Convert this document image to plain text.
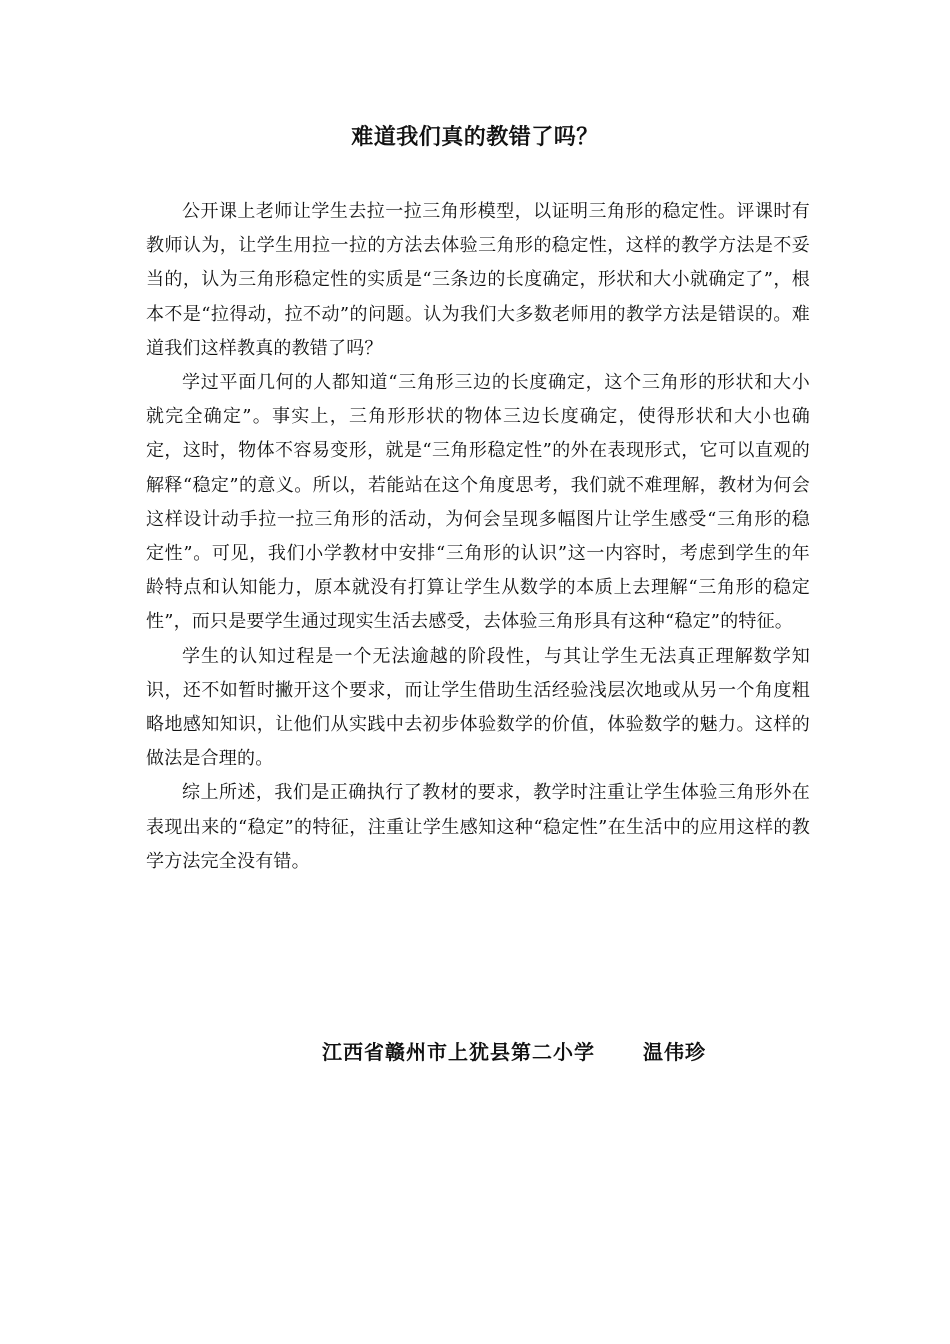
难道我们真的教错了吗？

公开课上老师让学生去拉一拉三角形模型，以证明三角形的稳定性。评课时有教师认为，让学生用拉一拉的方法去体验三角形的稳定性，这样的教学方法是不妥当的，认为三角形稳定性的实质是“三条边的长度确定，形状和大小就确定了”，根本不是“拉得动，拉不动”的问题。认为我们大多数老师用的教学方法是错误的。难道我们这样教真的教错了吗？

学过平面几何的人都知道“三角形三边的长度确定，这个三角形的形状和大小就完全确定”。事实上，三角形形状的物体三边长度确定，使得形状和大小也确定，这时，物体不容易变形，就是“三角形稳定性”的外在表现形式，它可以直观的解释“稳定”的意义。所以，若能站在这个角度思考，我们就不难理解，教材为何会这样设计动手拉一拉三角形的活动，为何会呈现多幅图片让学生感受“三角形的稳定性”。可见，我们小学教材中安排“三角形的认识”这一内容时，考虑到学生的年龄特点和认知能力，原本就没有打算让学生从数学的本质上去理解“三角形的稳定性”，而只是要学生通过现实生活去感受，去体验三角形具有这种“稳定”的特征。

学生的认知过程是一个无法逾越的阶段性，与其让学生无法真正理解数学知识，还不如暂时撇开这个要求，而让学生借助生活经验浅层次地或从另一个角度粗略地感知知识，让他们从实践中去初步体验数学的价值，体验数学的魅力。这样的做法是合理的。

综上所述，我们是正确执行了教材的要求，教学时注重让学生体验三角形外在表现出来的“稳定”的特征，注重让学生感知这种“稳定性”在生活中的应用这样的教学方法完全没有错。

江西省赣州市上犹县第二小学 温伟珍
